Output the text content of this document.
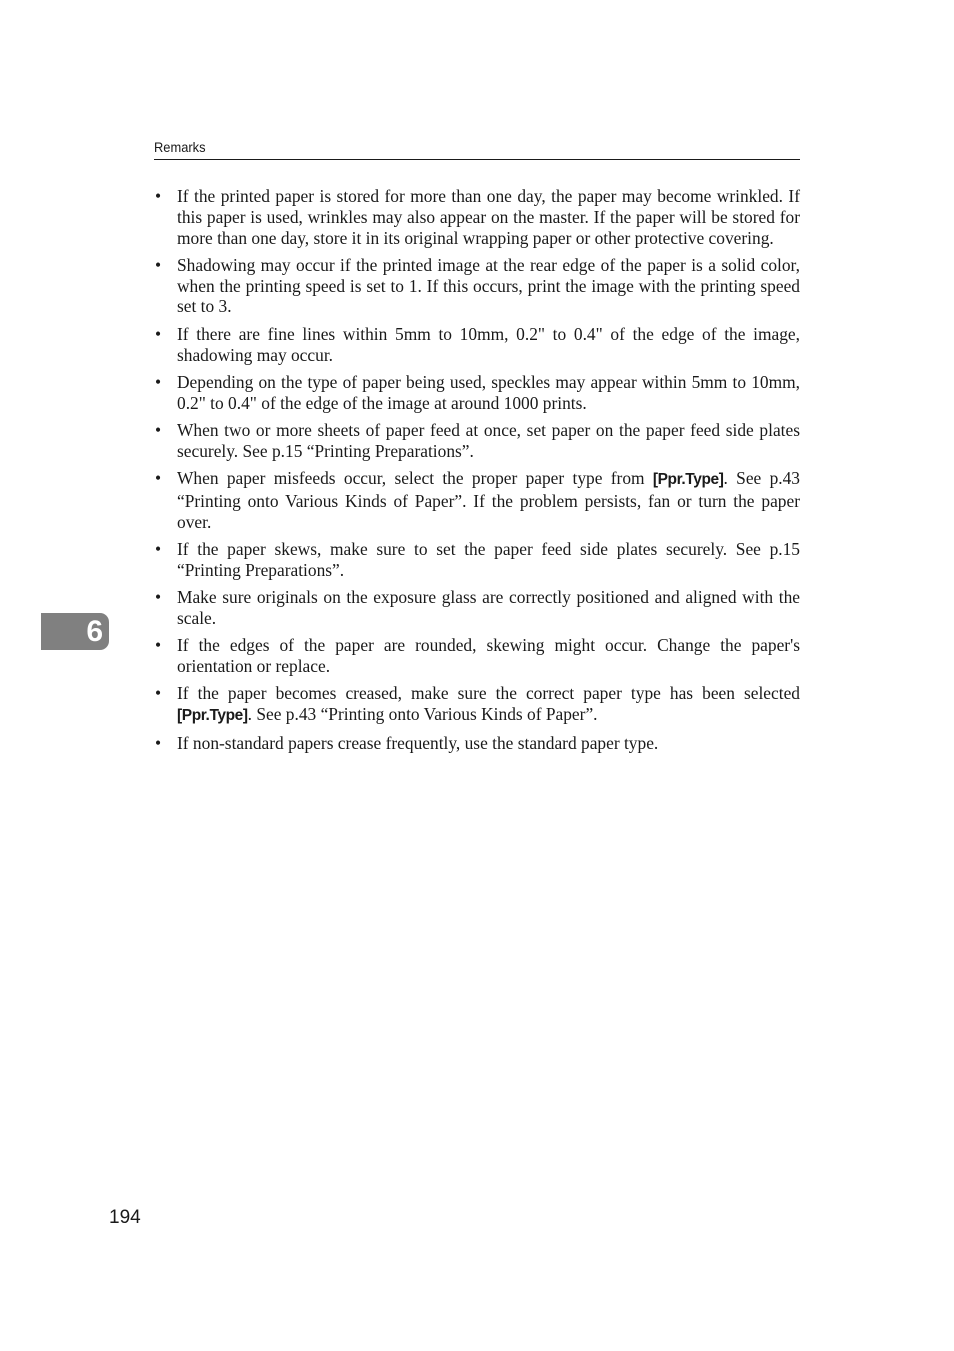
Remarks
• If the printed paper is stored for more than one day, the paper may become wrinkled. If this paper is used, wrinkles may also appear on the master. If the paper will be stored for more than one day, store it in its original wrapping paper or other protective covering.
• Shadowing may occur if the printed image at the rear edge of the paper is a solid color, when the printing speed is set to 1. If this occurs, print the image with the printing speed set to 3.
• If there are fine lines within 5mm to 10mm, 0.2" to 0.4" of the edge of the image, shadowing may occur.
• Depending on the type of paper being used, speckles may appear within 5mm to 10mm, 0.2" to 0.4" of the edge of the image at around 1000 prints.
• When two or more sheets of paper feed at once, set paper on the paper feed side plates securely. See p.15 “Printing Preparations”.
• When paper misfeeds occur, select the proper paper type from [Ppr.Type]. See p.43 “Printing onto Various Kinds of Paper”. If the problem persists, fan or turn the paper over.
• If the paper skews, make sure to set the paper feed side plates securely. See p.15 “Printing Preparations”.
• Make sure originals on the exposure glass are correctly positioned and aligned with the scale.
• If the edges of the paper are rounded, skewing might occur. Change the paper's orientation or replace.
• If the paper becomes creased, make sure the correct paper type has been selected [Ppr.Type]. See p.43 “Printing onto Various Kinds of Paper”.
• If non-standard papers crease frequently, use the standard paper type.
6
194
